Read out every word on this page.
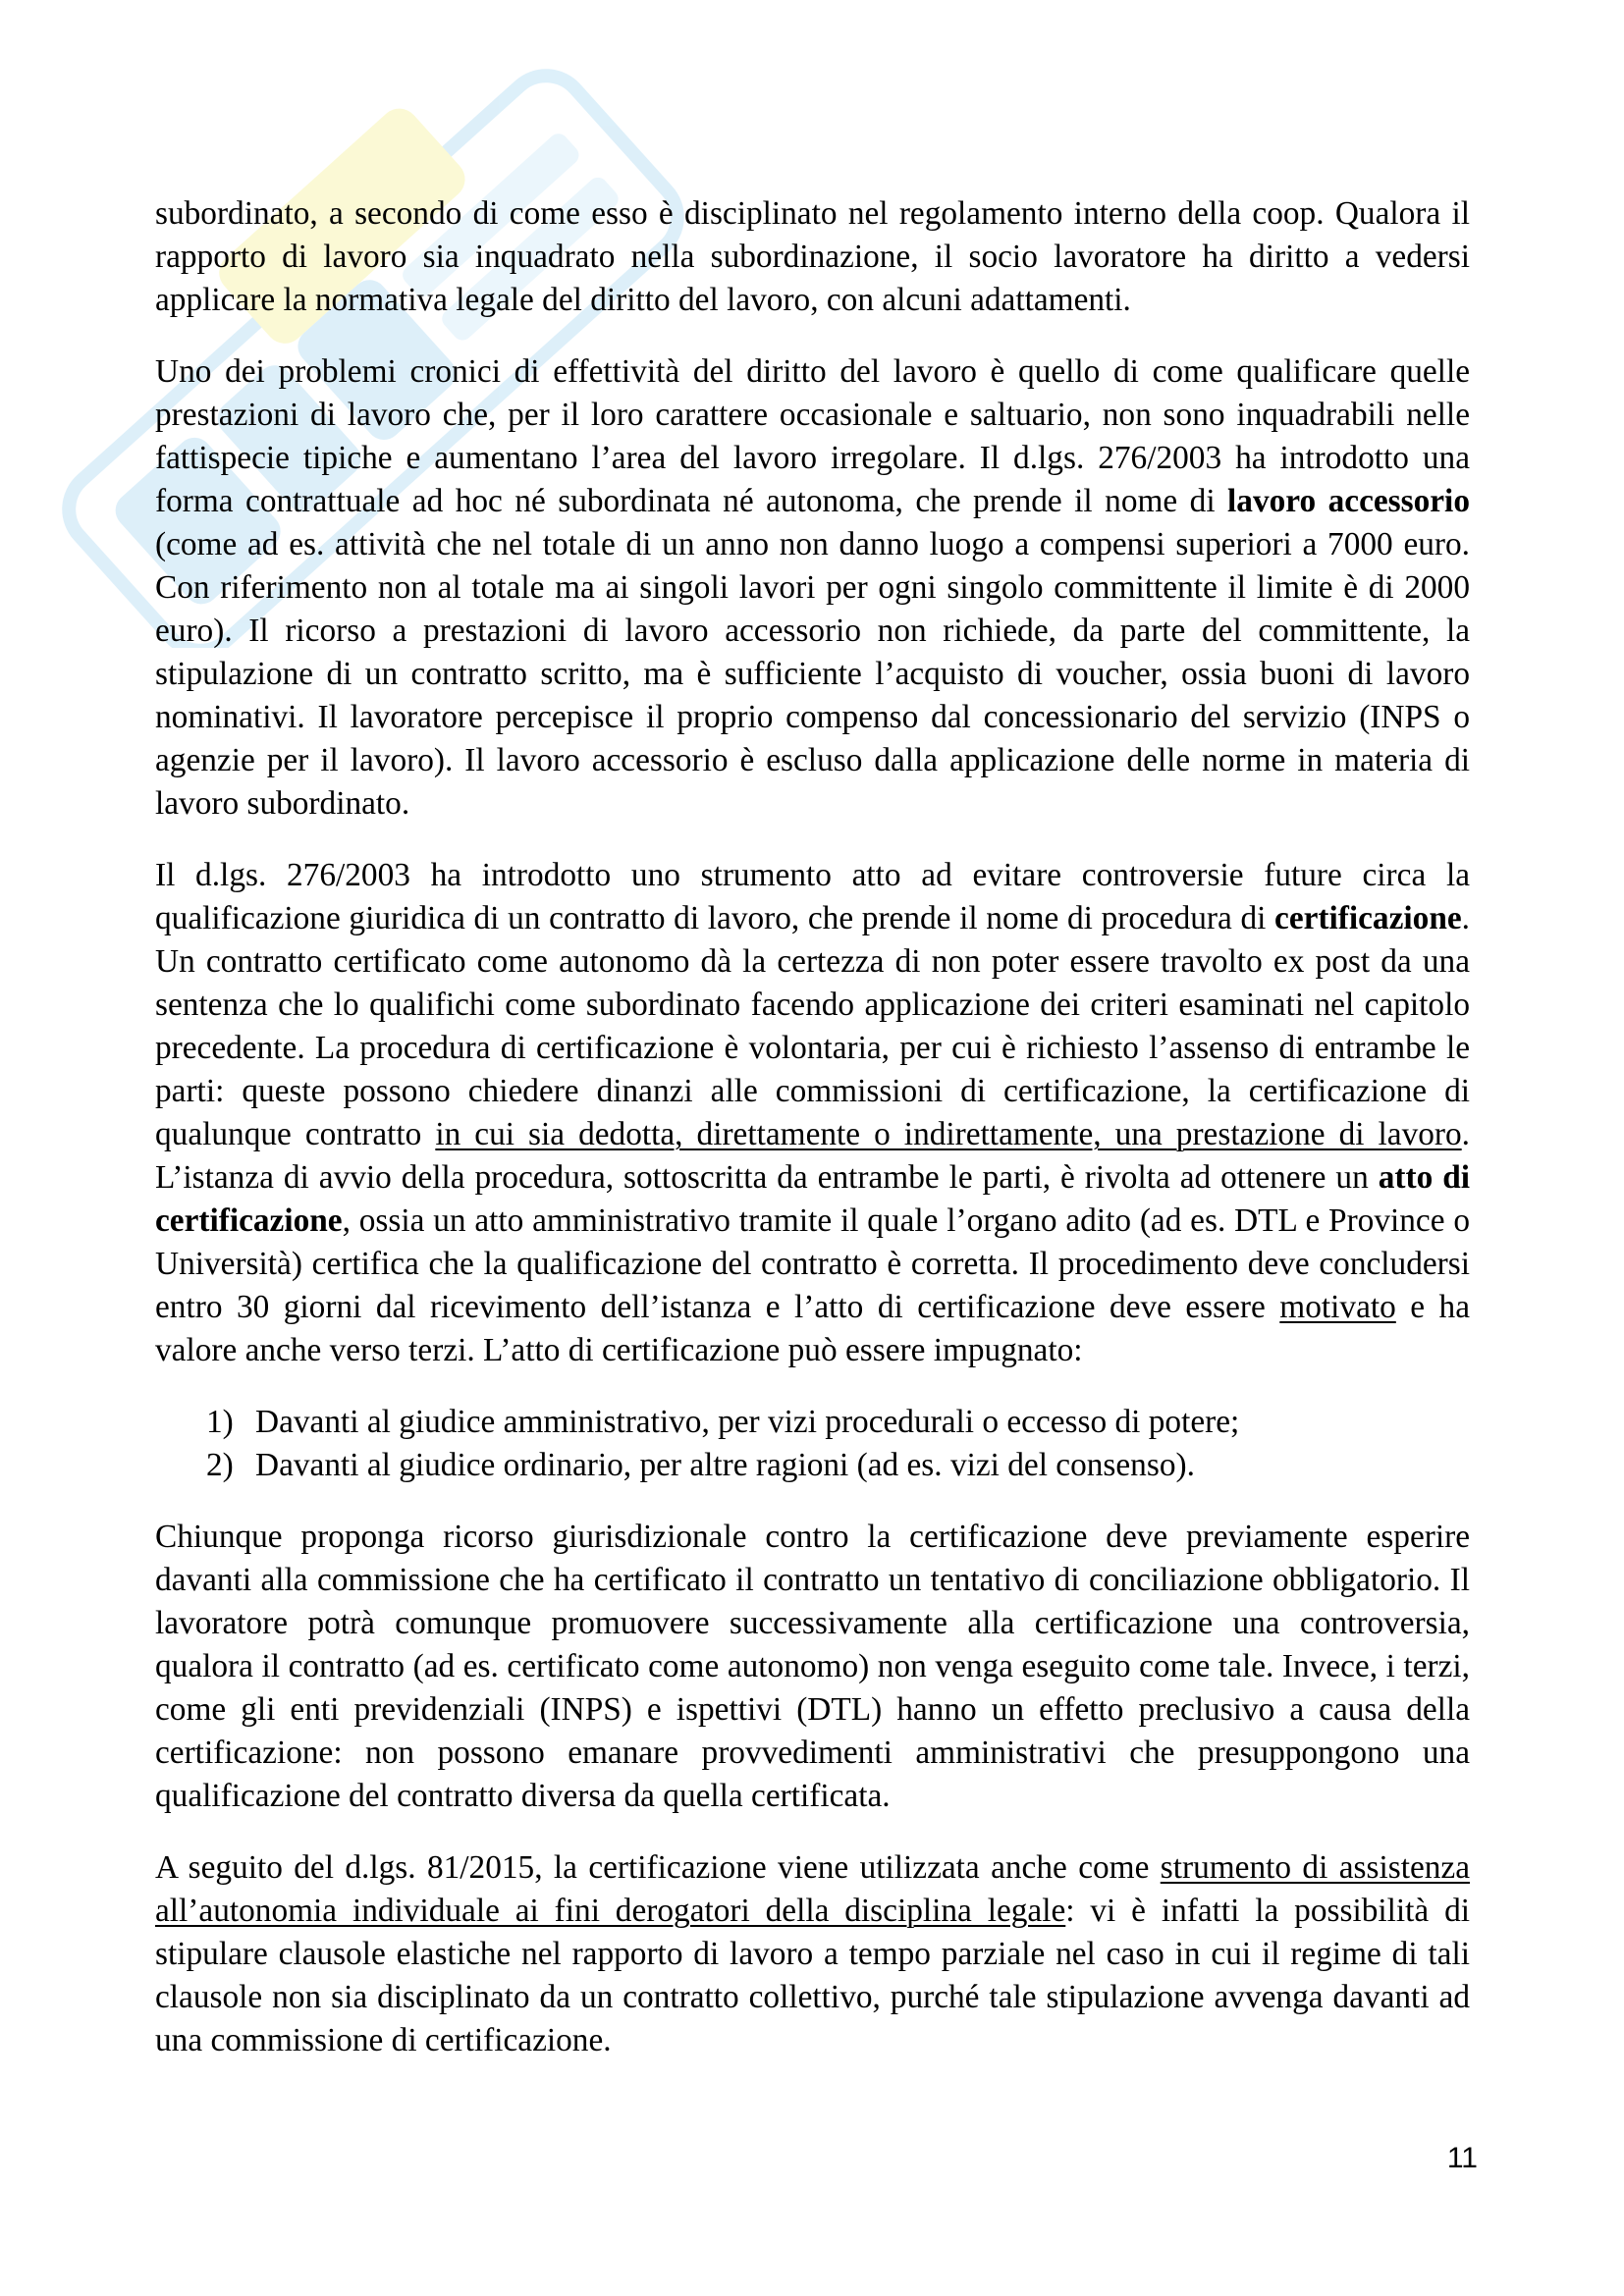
subordinato, a secondo di come esso è disciplinato nel regolamento interno della coop. Qualora il rapporto di lavoro sia inquadrato nella subordinazione, il socio lavoratore ha diritto a vedersi applicare la normativa legale del diritto del lavoro, con alcuni adattamenti.

Uno dei problemi cronici di effettività del diritto del lavoro è quello di come qualificare quelle prestazioni di lavoro che, per il loro carattere occasionale e saltuario, non sono inquadrabili nelle fattispecie tipiche e aumentano l’area del lavoro irregolare. Il d.lgs. 276/2003 ha introdotto una forma contrattuale ad hoc né subordinata né autonoma, che prende il nome di lavoro accessorio (come ad es. attività che nel totale di un anno non danno luogo a compensi superiori a 7000 euro. Con riferimento non al totale ma ai singoli lavori per ogni singolo committente il limite è di 2000 euro). Il ricorso a prestazioni di lavoro accessorio non richiede, da parte del committente, la stipulazione di un contratto scritto, ma è sufficiente l’acquisto di voucher, ossia buoni di lavoro nominativi. Il lavoratore percepisce il proprio compenso dal concessionario del servizio (INPS o agenzie per il lavoro). Il lavoro accessorio è escluso dalla applicazione delle norme in materia di lavoro subordinato.

Il d.lgs. 276/2003 ha introdotto uno strumento atto ad evitare controversie future circa la qualificazione giuridica di un contratto di lavoro, che prende il nome di procedura di certificazione. Un contratto certificato come autonomo dà la certezza di non poter essere travolto ex post da una sentenza che lo qualifichi come subordinato facendo applicazione dei criteri esaminati nel capitolo precedente. La procedura di certificazione è volontaria, per cui è richiesto l’assenso di entrambe le parti: queste possono chiedere dinanzi alle commissioni di certificazione, la certificazione di qualunque contratto in cui sia dedotta, direttamente o indirettamente, una prestazione di lavoro. L’istanza di avvio della procedura, sottoscritta da entrambe le parti, è rivolta ad ottenere un atto di certificazione, ossia un atto amministrativo tramite il quale l’organo adito (ad es. DTL e Province o Università) certifica che la qualificazione del contratto è corretta. Il procedimento deve concludersi entro 30 giorni dal ricevimento dell’istanza e l’atto di certificazione deve essere motivato e ha valore anche verso terzi. L’atto di certificazione può essere impugnato:

1) Davanti al giudice amministrativo, per vizi procedurali o eccesso di potere;
2) Davanti al giudice ordinario, per altre ragioni (ad es. vizi del consenso).

Chiunque proponga ricorso giurisdizionale contro la certificazione deve previamente esperire davanti alla commissione che ha certificato il contratto un tentativo di conciliazione obbligatorio. Il lavoratore potrà comunque promuovere successivamente alla certificazione una controversia, qualora il contratto (ad es. certificato come autonomo) non venga eseguito come tale. Invece, i terzi, come gli enti previdenziali (INPS) e ispettivi (DTL) hanno un effetto preclusivo a causa della certificazione: non possono emanare provvedimenti amministrativi che presuppongono una qualificazione del contratto diversa da quella certificata.

A seguito del d.lgs. 81/2015, la certificazione viene utilizzata anche come strumento di assistenza all’autonomia individuale ai fini derogatori della disciplina legale: vi è infatti la possibilità di stipulare clausole elastiche nel rapporto di lavoro a tempo parziale nel caso in cui il regime di tali clausole non sia disciplinato da un contratto collettivo, purché tale stipulazione avvenga davanti ad una commissione di certificazione.

11
